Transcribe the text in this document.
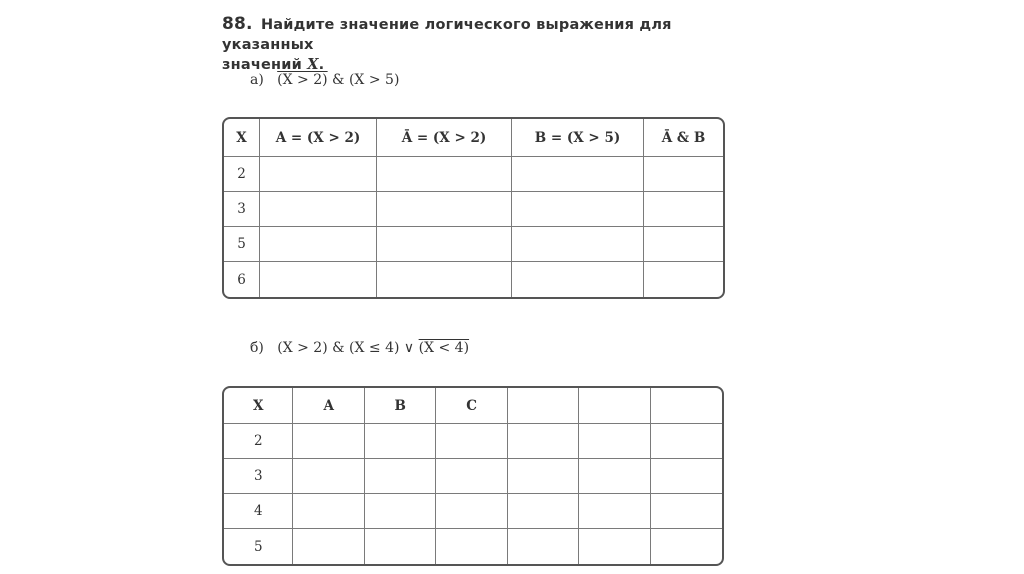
88. Найдите значение логического выражения для указанных
значений X.
а) (X > 2) & (X > 5)
X	A = (X > 2)	Ā = (X > 2)	B = (X > 5)	Ā & B
2				
3				
5				
6				
б) (X > 2) & (X ≤ 4) ∨ (X < 4)
X	A	B	C			
2						
3						
4						
5						
